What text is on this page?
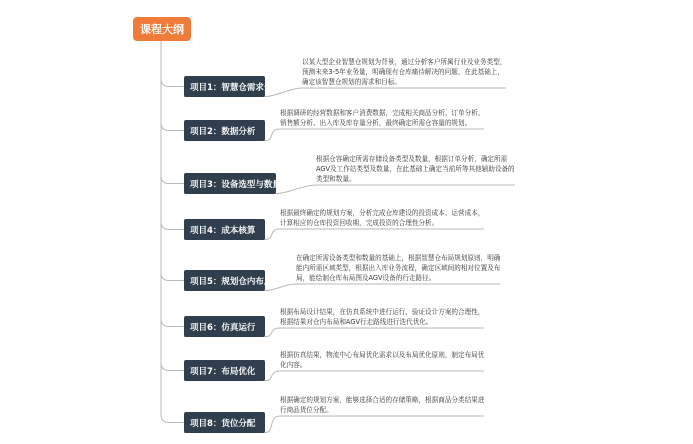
课程大纲
项目1：智慧仓需求分析
项目2：数据分析
项目3：设备选型与数量计算
项目4：成本核算
项目5：规划仓内布局
项目6：仿真运行
项目7：布局优化
项目8：货位分配
以某大型企业智慧仓规划为背景，通过分析客户所属行业及业务类型，
预测未来3-5年业务量，明确现有仓库痛待解决的问题，在此基础上，
确定该智慧仓规划的需求和目标。
根据调研的经营数据和客户消费数据，完成相关商品分析、订单分析、
销售额分析、出入库及库存量分析，最终确定所需仓容量的规划。
根据仓容确定所需存储设备类型及数量，根据订单分析，确定所需
AGV及工作站类型及数量，在此基础上确定当前所等其他辅助设备的
类型和数量。
根据最终确定的规划方案，分析完成仓库建设的投资成本、运营成本，
计算相应的仓库投资回收期，完成投资的合理性分析。
在确定所需设备类型和数量的基础上，根据智慧仓布局规划原则，明确
能内所需区域类型，根据出入库业务流程，确定区域间的相对位置及布
局，能绘制仓库布局图及AGV设备的行走路径。
根据布局设计结果，在仿真系统中进行运行，验证设计方案的合理性，
根据结果对仓内布局和AGV行走路线进行迭代优化。
根据仿真结果，物流中心布局优化需求以及布局优化原则，制定布局优
化内容。
根据确定的规划方案，能够选择合适的存储策略，根据商品分类结果进
行商品货位分配。
